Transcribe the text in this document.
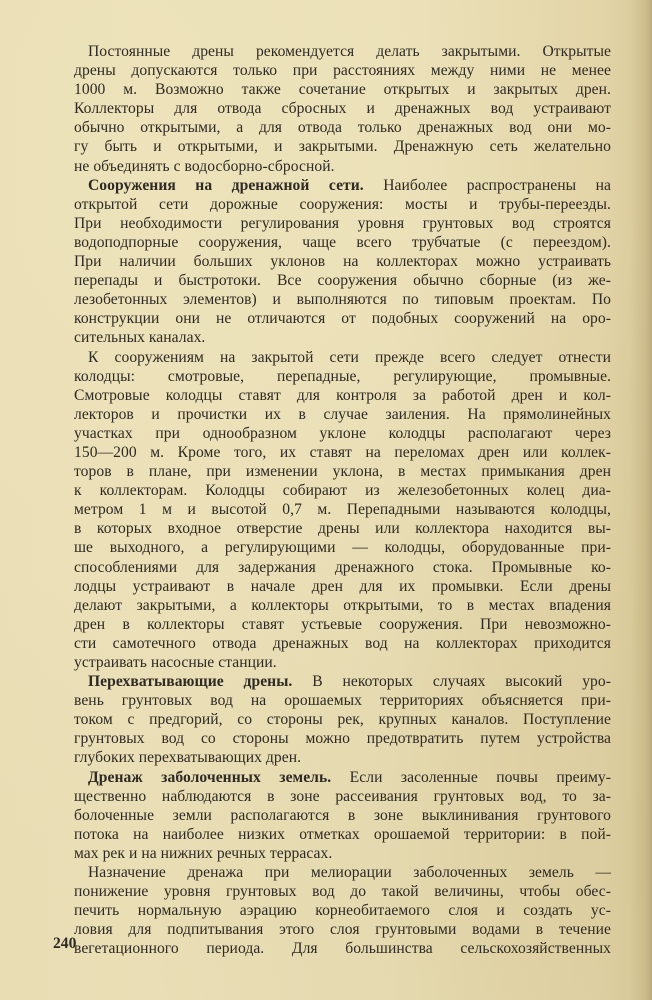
Постоянные дрены рекомендуется делать закрытыми. Открытые
дрены допускаются только при расстояниях между ними не менее
1000 м. Возможно также сочетание открытых и закрытых дрен.
Коллекторы для отвода сбросных и дренажных вод устраивают
обычно открытыми, а для отвода только дренажных вод они мо-
гу быть и открытыми, и закрытыми. Дренажную сеть желательно
не объединять с водосборно-сбросной.
Сооружения на дренажной сети. Наиболее распространены на
открытой сети дорожные сооружения: мосты и трубы-переезды.
При необходимости регулирования уровня грунтовых вод строятся
водоподпорные сооружения, чаще всего трубчатые (с переездом).
При наличии больших уклонов на коллекторах можно устраивать
перепады и быстротоки. Все сооружения обычно сборные (из же-
лезобетонных элементов) и выполняются по типовым проектам. По
конструкции они не отличаются от подобных сооружений на оро-
сительных каналах.
К сооружениям на закрытой сети прежде всего следует отнести
колодцы: смотровые, перепадные, регулирующие, промывные.
Смотровые колодцы ставят для контроля за работой дрен и кол-
лекторов и прочистки их в случае заиления. На прямолинейных
участках при однообразном уклоне колодцы располагают через
150—200 м. Кроме того, их ставят на переломах дрен или коллек-
торов в плане, при изменении уклона, в местах примыкания дрен
к коллекторам. Колодцы собирают из железобетонных колец диа-
метром 1 м и высотой 0,7 м. Перепадными называются колодцы,
в которых входное отверстие дрены или коллектора находится вы-
ше выходного, а регулирующими — колодцы, оборудованные при-
способлениями для задержания дренажного стока. Промывные ко-
лодцы устраивают в начале дрен для их промывки. Если дрены
делают закрытыми, а коллекторы открытыми, то в местах впадения
дрен в коллекторы ставят устьевые сооружения. При невозможно-
сти самотечного отвода дренажных вод на коллекторах приходится
устраивать насосные станции.
Перехватывающие дрены. В некоторых случаях высокий уро-
вень грунтовых вод на орошаемых территориях объясняется при-
током с предгорий, со стороны рек, крупных каналов. Поступление
грунтовых вод со стороны можно предотвратить путем устройства
глубоких перехватывающих дрен.
Дренаж заболоченных земель. Если засоленные почвы преиму-
щественно наблюдаются в зоне рассеивания грунтовых вод, то за-
болоченные земли располагаются в зоне выклинивания грунтового
потока на наиболее низких отметках орошаемой территории: в пой-
мах рек и на нижних речных террасах.
Назначение дренажа при мелиорации заболоченных земель —
понижение уровня грунтовых вод до такой величины, чтобы обес-
печить нормальную аэрацию корнеобитаемого слоя и создать ус-
ловия для подпитывания этого слоя грунтовыми водами в течение
вегетационного периода. Для большинства сельскохозяйственных
240
